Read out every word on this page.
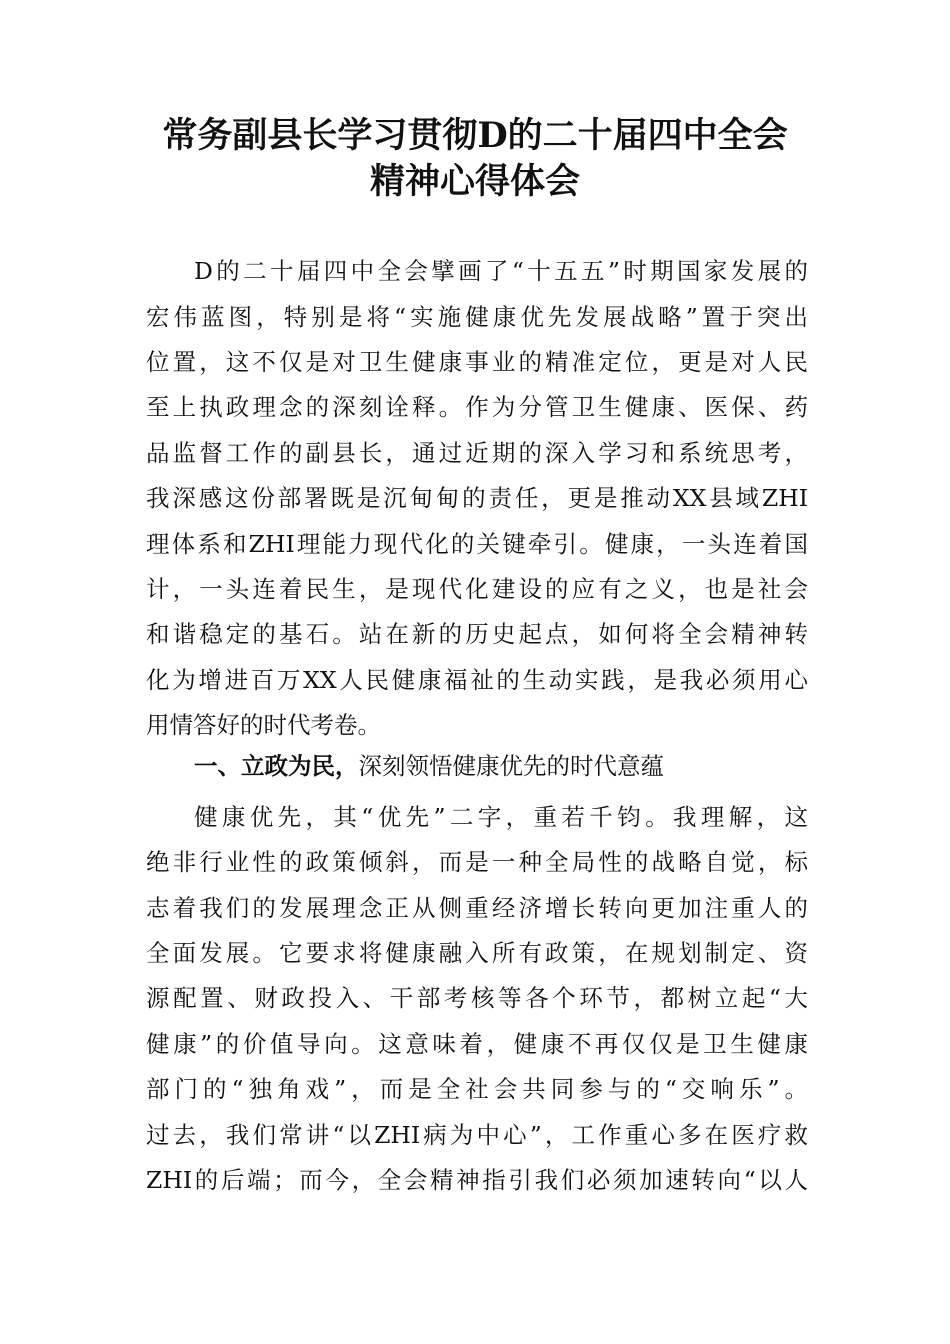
常务副县长学习贯彻D的二十届四中全会
精神心得体会
D的二十届四中全会擘画了“十五五”时期国家发展的
宏伟蓝图，特别是将“实施健康优先发展战略”置于突出
位置，这不仅是对卫生健康事业的精准定位，更是对人民
至上执政理念的深刻诠释。作为分管卫生健康、医保、药
品监督工作的副县长，通过近期的深入学习和系统思考，
我深感这份部署既是沉甸甸的责任，更是推动XX县域ZHI
理体系和ZHI理能力现代化的关键牵引。健康，一头连着国
计，一头连着民生，是现代化建设的应有之义，也是社会
和谐稳定的基石。站在新的历史起点，如何将全会精神转
化为增进百万XX人民健康福祉的生动实践，是我必须用心
用情答好的时代考卷。
一、立政为民，深刻领悟健康优先的时代意蕴
健康优先，其“优先”二字，重若千钧。我理解，这
绝非行业性的政策倾斜，而是一种全局性的战略自觉，标
志着我们的发展理念正从侧重经济增长转向更加注重人的
全面发展。它要求将健康融入所有政策，在规划制定、资
源配置、财政投入、干部考核等各个环节，都树立起“大
健康”的价值导向。这意味着，健康不再仅仅是卫生健康
部门的“独角戏”，而是全社会共同参与的“交响乐”。
过去，我们常讲“以ZHI病为中心”，工作重心多在医疗救
ZHI的后端；而今，全会精神指引我们必须加速转向“以人
